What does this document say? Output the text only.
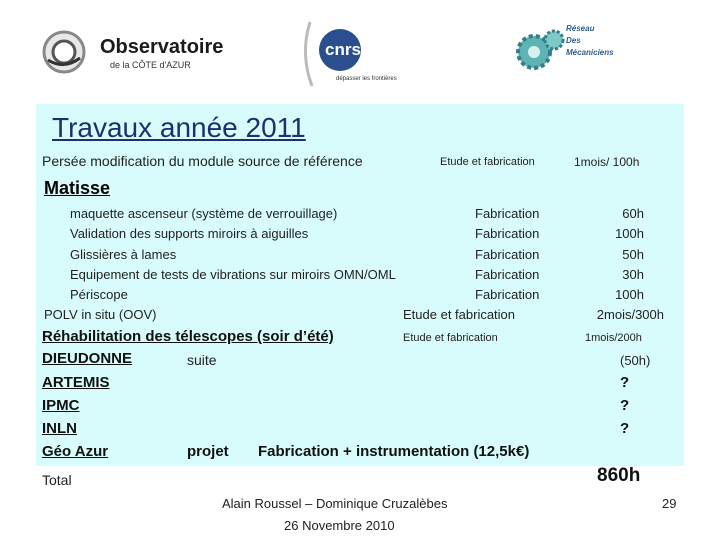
Observatoire
de la CÔTE d'AZUR
cnrs
dépasser les frontières
Réseau
Des
Mécaniciens
Travaux année 2011
Persée modification du module source de référence	Etude et fabrication	1mois/ 100h
Matisse
maquette ascenseur (système de verrouillage)	Fabrication	60h
Validation des supports miroirs à aiguilles	Fabrication	100h
Glissières à lames	Fabrication	50h
Equipement de tests de vibrations sur miroirs OMN/OML	Fabrication	30h
Périscope	Fabrication	100h
POLV in situ (OOV)	Etude et fabrication	2mois/300h
Réhabilitation des télescopes (soir d’été)	Etude et fabrication	1mois/200h
DIEUDONNE	suite	(50h)
ARTEMIS	?
IPMC	?
INLN	?
Géo Azur	projet Fabrication + instrumentation (12,5k€)
Total	860h
Alain Roussel – Dominique Cruzalèbes
26 Novembre 2010
29
